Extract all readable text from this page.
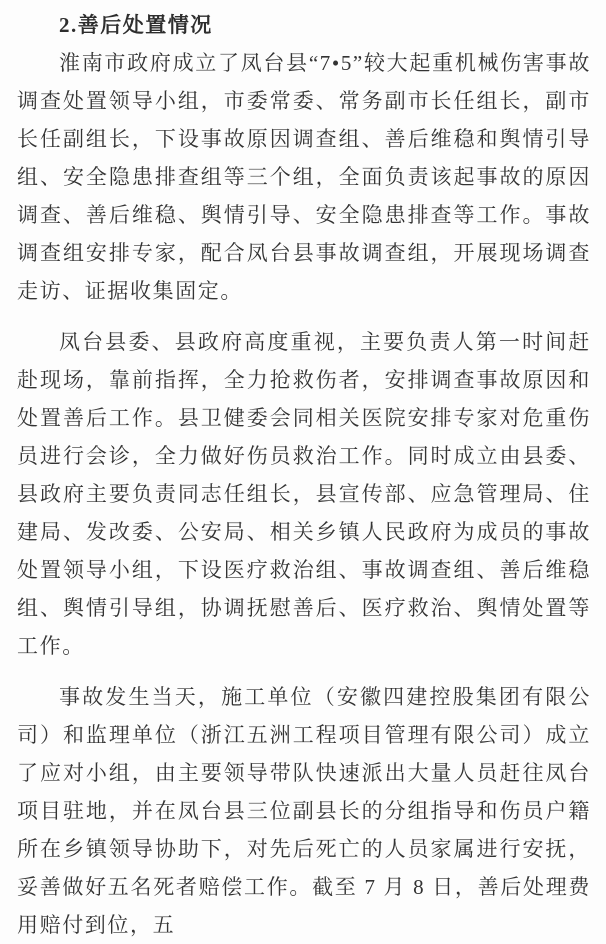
2.善后处置情况

淮南市政府成立了凤台县“7•5”较大起重机械伤害事故调查处置领导小组，市委常委、常务副市长任组长，副市长任副组长，下设事故原因调查组、善后维稳和舆情引导组、安全隐患排查组等三个组，全面负责该起事故的原因调查、善后维稳、舆情引导、安全隐患排查等工作。事故调查组安排专家，配合凤台县事故调查组，开展现场调查走访、证据收集固定。

凤台县委、县政府高度重视，主要负责人第一时间赶赴现场，靠前指挥，全力抢救伤者，安排调查事故原因和处置善后工作。县卫健委会同相关医院安排专家对危重伤员进行会诊，全力做好伤员救治工作。同时成立由县委、县政府主要负责同志任组长，县宣传部、应急管理局、住建局、发改委、公安局、相关乡镇人民政府为成员的事故处置领导小组，下设医疗救治组、事故调查组、善后维稳组、舆情引导组，协调抚慰善后、医疗救治、舆情处置等工作。

事故发生当天，施工单位（安徽四建控股集团有限公司）和监理单位（浙江五洲工程项目管理有限公司）成立了应对小组，由主要领导带队快速派出大量人员赶往凤台项目驻地，并在凤台县三位副县长的分组指导和伤员户籍所在乡镇领导协助下，对先后死亡的人员家属进行安抚，妥善做好五名死者赔偿工作。截至 7 月 8 日，善后处理费用赔付到位，五
